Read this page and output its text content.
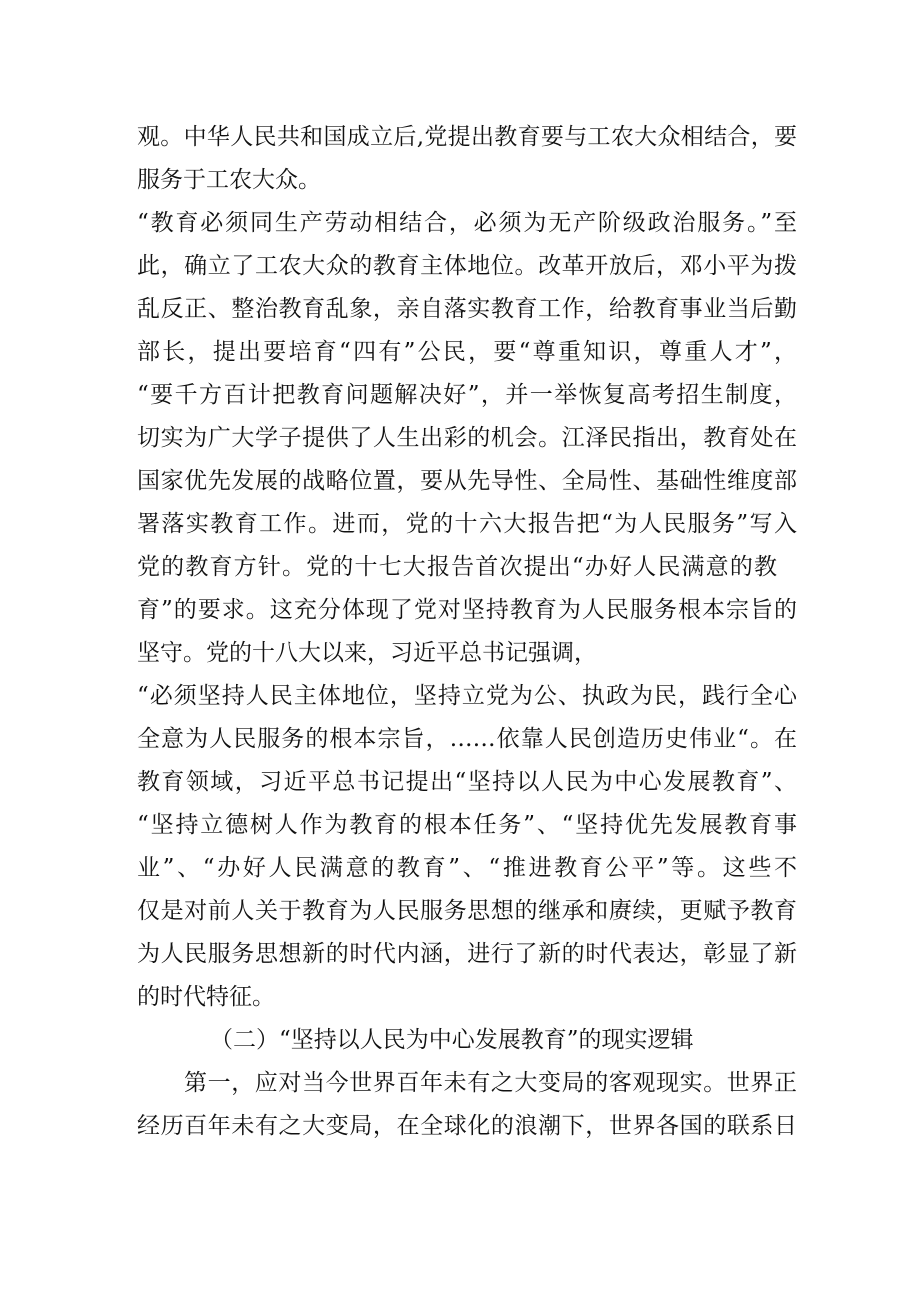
观。中华人民共和国成立后,党提出教育要与工农大众相结合，要
服务于工农大众。
“教育必须同生产劳动相结合，必须为无产阶级政治服务。”至
此，确立了工农大众的教育主体地位。改革开放后，邓小平为拨
乱反正、整治教育乱象，亲自落实教育工作，给教育事业当后勤
部长，提出要培育“四有”公民，要“尊重知识，尊重人才”，
“要千方百计把教育问题解决好”，并一举恢复高考招生制度，
切实为广大学子提供了人生出彩的机会。江泽民指出，教育处在
国家优先发展的战略位置，要从先导性、全局性、基础性维度部
署落实教育工作。进而，党的十六大报告把“为人民服务”写入
党的教育方针。党的十七大报告首次提出“办好人民满意的教
育”的要求。这充分体现了党对坚持教育为人民服务根本宗旨的
坚守。党的十八大以来，习近平总书记强调，
“必须坚持人民主体地位，坚持立党为公、执政为民，践行全心
全意为人民服务的根本宗旨，……依靠人民创造历史伟业“。在
教育领域，习近平总书记提出“坚持以人民为中心发展教育”、
“坚持立德树人作为教育的根本任务”、“坚持优先发展教育事
业”、“办好人民满意的教育”、“推进教育公平”等。这些不
仅是对前人关于教育为人民服务思想的继承和赓续，更赋予教育
为人民服务思想新的时代内涵，进行了新的时代表达，彰显了新
的时代特征。
（二）“坚持以人民为中心发展教育”的现实逻辑
第一，应对当今世界百年未有之大变局的客观现实。世界正
经历百年未有之大变局，在全球化的浪潮下，世界各国的联系日
